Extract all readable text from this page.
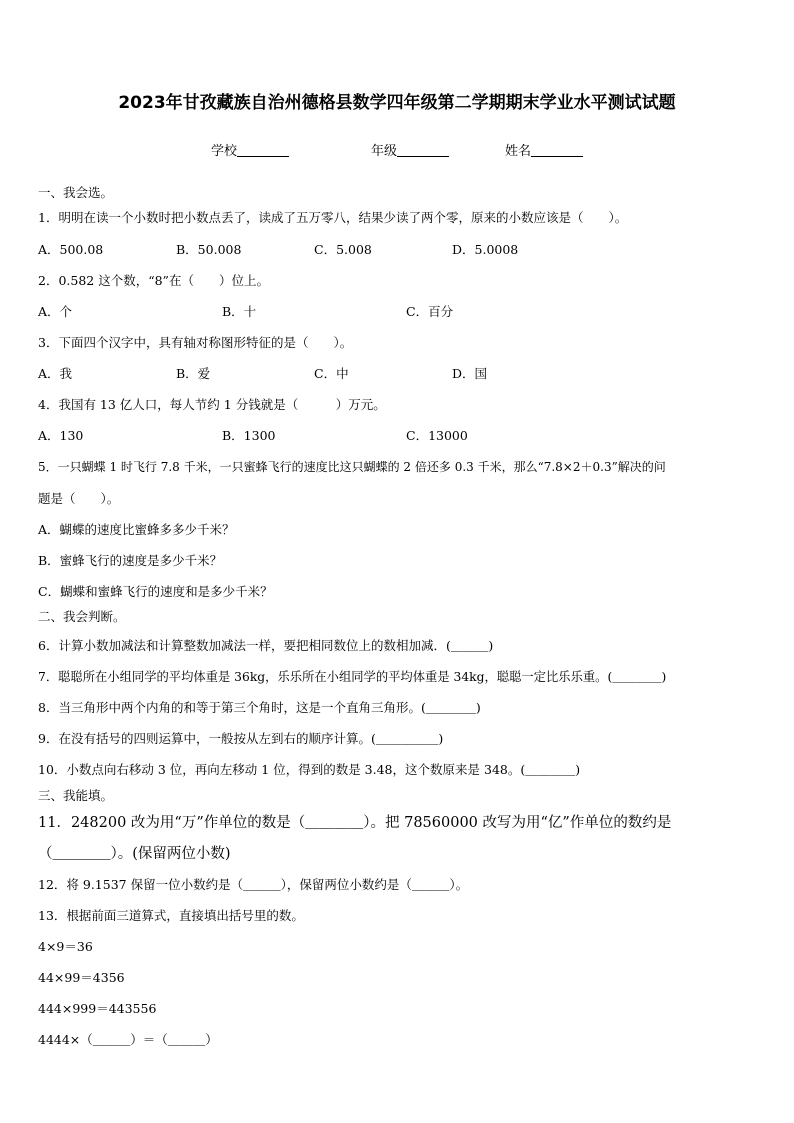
2023年甘孜藏族自治州德格县数学四年级第二学期期末学业水平测试试题
学校	年级	姓名
一、我会选。
1．明明在读一个小数时把小数点丢了，读成了五万零八，结果少读了两个零，原来的小数应该是（　　）。
A．500.08	B．50.008	C．5.008	D．5.0008
2．0.582 这个数，“8”在（　　）位上。
A．个	B．十	C．百分
3．下面四个汉字中，具有轴对称图形特征的是（　　）。
A．我	B．爱	C．中	D．国
4．我国有 13 亿人口，每人节约 1 分钱就是（　　　）万元。
A．130	B．1300	C．13000
5．一只蝴蝶 1 时飞行 7.8 千米，一只蜜蜂飞行的速度比这只蝴蝶的 2 倍还多 0.3 千米，那么“7.8×2＋0.3”解决的问
题是（　　）。
A．蝴蝶的速度比蜜蜂多多少千米？
B．蜜蜂飞行的速度是多少千米？
C．蝴蝶和蜜蜂飞行的速度和是多少千米？
二、我会判断。
6．计算小数加减法和计算整数加减法一样，要把相同数位上的数相加减．(＿＿＿)
7．聪聪所在小组同学的平均体重是 36kg，乐乐所在小组同学的平均体重是 34kg，聪聪一定比乐乐重。(＿＿＿＿)
8．当三角形中两个内角的和等于第三个角时，这是一个直角三角形。(＿＿＿＿)
9．在没有括号的四则运算中，一般按从左到右的顺序计算。(＿＿＿＿＿)
10．小数点向右移动 3 位，再向左移动 1 位，得到的数是 3.48，这个数原来是 348。(＿＿＿＿)
三、我能填。
11．248200 改为用“万”作单位的数是（＿＿＿＿）。把 78560000 改写为用“亿”作单位的数约是
（＿＿＿＿）。(保留两位小数)
12．将 9.1537 保留一位小数约是（＿＿＿），保留两位小数约是（＿＿＿）。
13．根据前面三道算式，直接填出括号里的数。
4×9＝36
44×99＝4356
444×999＝443556
4444×（＿＿＿）＝（＿＿＿）
